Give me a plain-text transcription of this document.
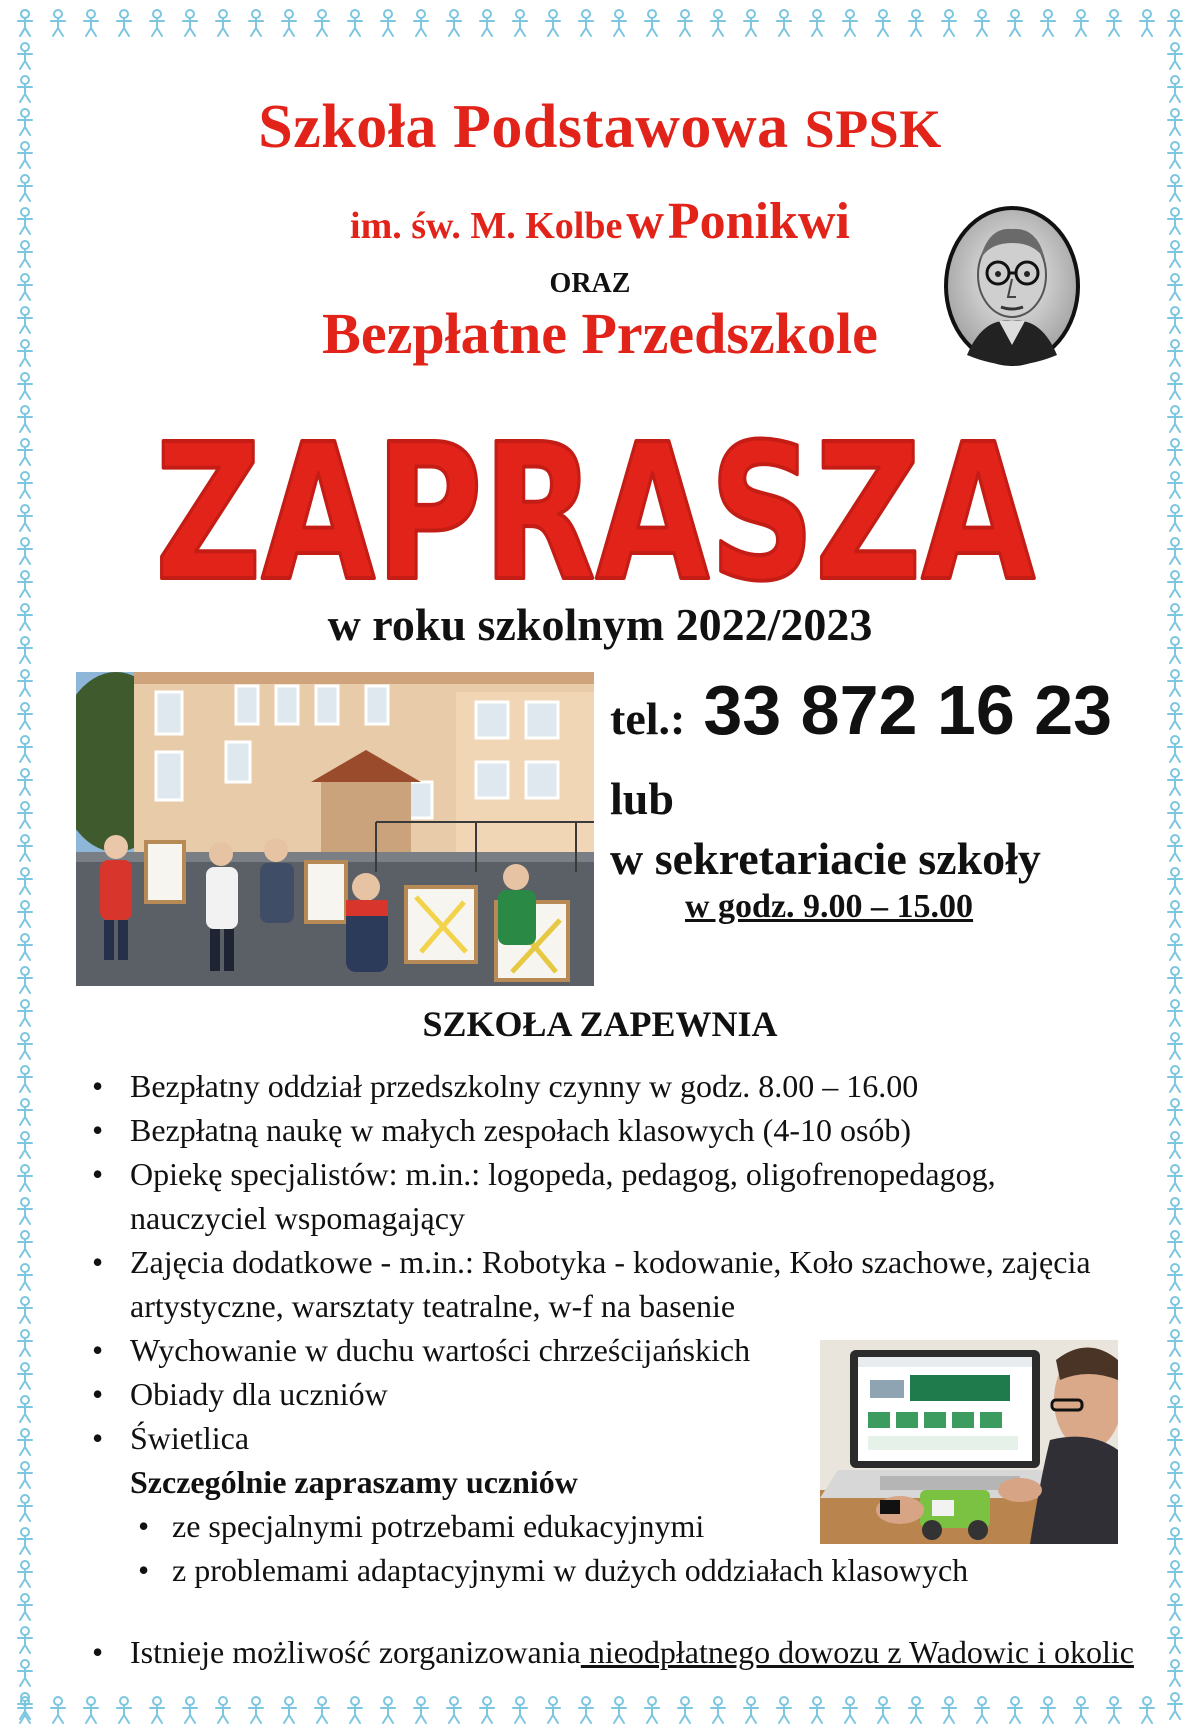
Szkoła Podstawowa SPSK
im. św. M. Kolbe w Ponikwi
ORAZ
Bezpłatne Przedszkole
ZAPRASZA
w roku szkolnym 2022/2023
tel.: 33 872 16 23
lub
w sekretariacie szkoły
w godz. 9.00 – 15.00
SZKOŁA ZAPEWNIA
• Bezpłatny oddział przedszkolny czynny w godz. 8.00 – 16.00
• Bezpłatną naukę w małych zespołach klasowych (4-10 osób)
• Opiekę specjalistów: m.in.: logopeda, pedagog, oligofrenopedagog, nauczyciel wspomagający
• Zajęcia dodatkowe - m.in.: Robotyka - kodowanie, Koło szachowe, zajęcia artystyczne, warsztaty teatralne, w-f na basenie
• Wychowanie w duchu wartości chrześcijańskich
• Obiady dla uczniów
• Świetlica
Szczególnie zapraszamy uczniów
• ze specjalnymi potrzebami edukacyjnymi
• z problemami adaptacyjnymi w dużych oddziałach klasowych
• Istnieje możliwość zorganizowania nieodpłatnego dowozu z Wadowic i okolic
